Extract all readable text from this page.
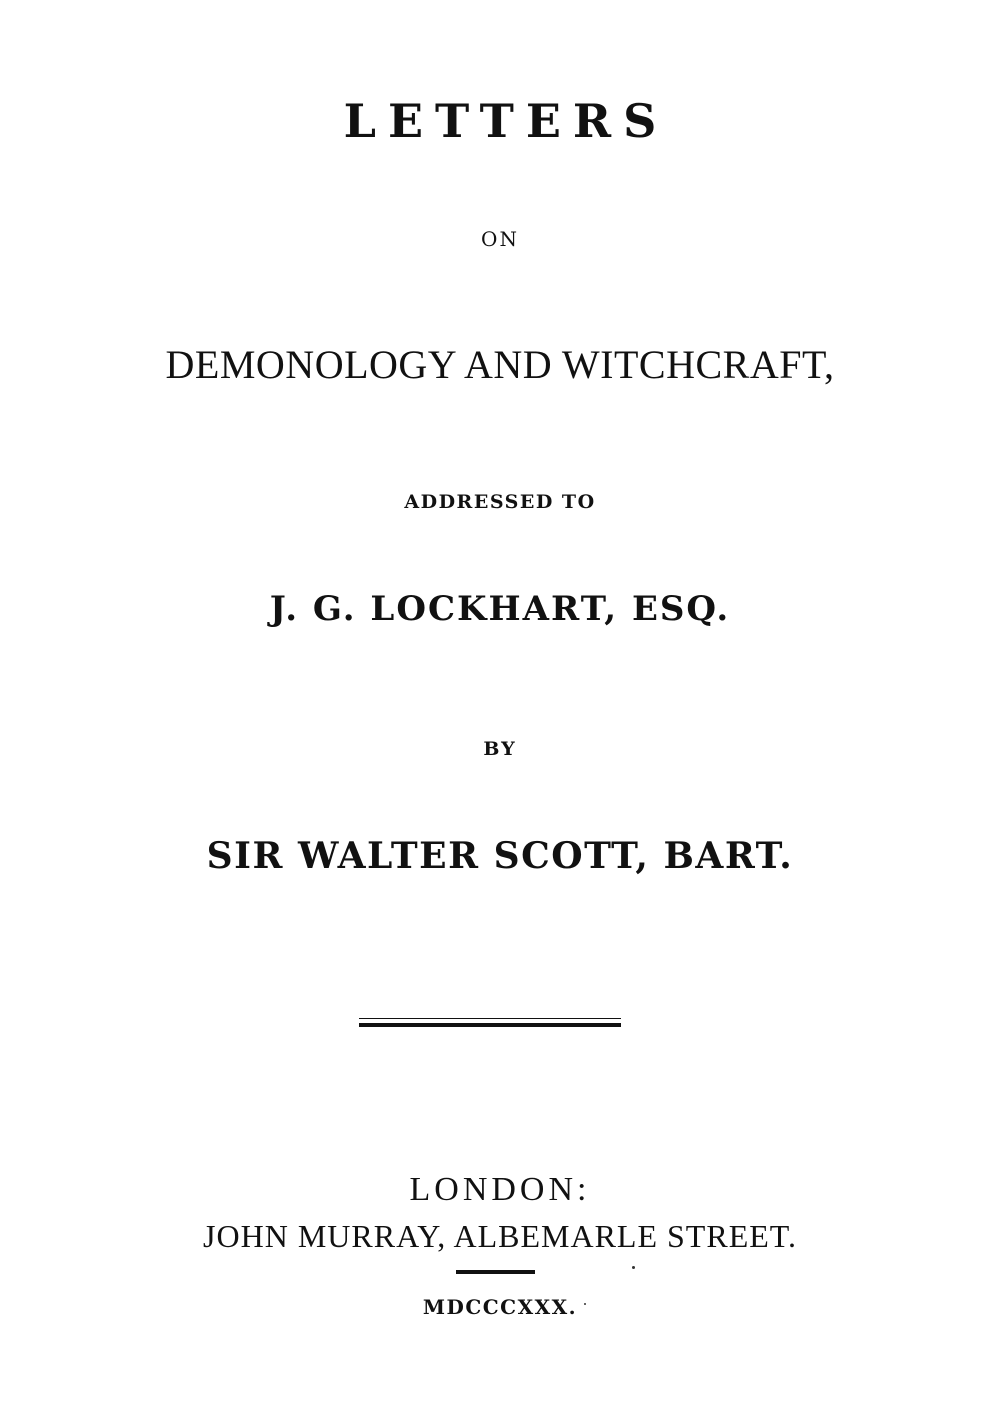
LETTERS
ON
DEMONOLOGY AND WITCHCRAFT,
ADDRESSED TO
J. G. LOCKHART, ESQ.
BY
SIR WALTER SCOTT, BART.
LONDON:
JOHN MURRAY, ALBEMARLE STREET.
MDCCCXXX.
